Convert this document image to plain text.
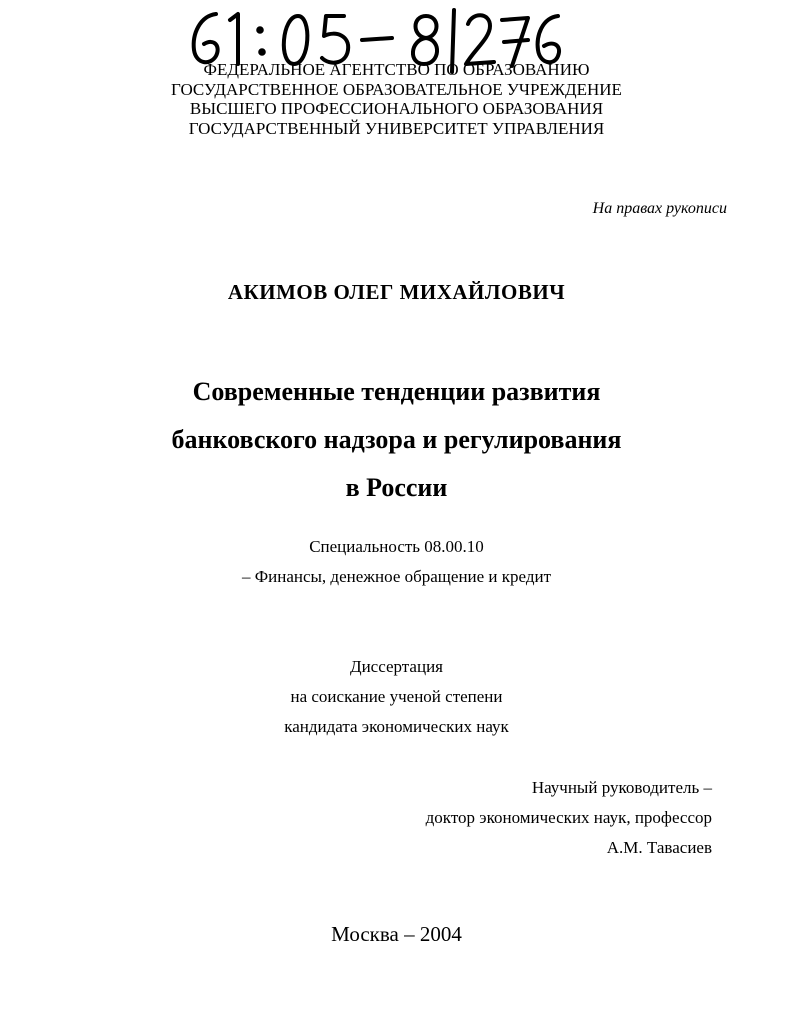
ФЕДЕРАЛЬНОЕ АГЕНТСТВО ПО ОБРАЗОВАНИЮ
ГОСУДАРСТВЕННОЕ ОБРАЗОВАТЕЛЬНОЕ УЧРЕЖДЕНИЕ
ВЫСШЕГО ПРОФЕССИОНАЛЬНОГО ОБРАЗОВАНИЯ
ГОСУДАРСТВЕННЫЙ УНИВЕРСИТЕТ УПРАВЛЕНИЯ
На правах рукописи
АКИМОВ ОЛЕГ МИХАЙЛОВИЧ
Современные тенденции развития
банковского надзора и регулирования
в России
Специальность 08.00.10
– Финансы, денежное обращение и кредит
Диссертация
на соискание ученой степени
кандидата экономических наук
Научный руководитель –
доктор экономических наук, профессор
А.М. Тавасиев
Москва – 2004
